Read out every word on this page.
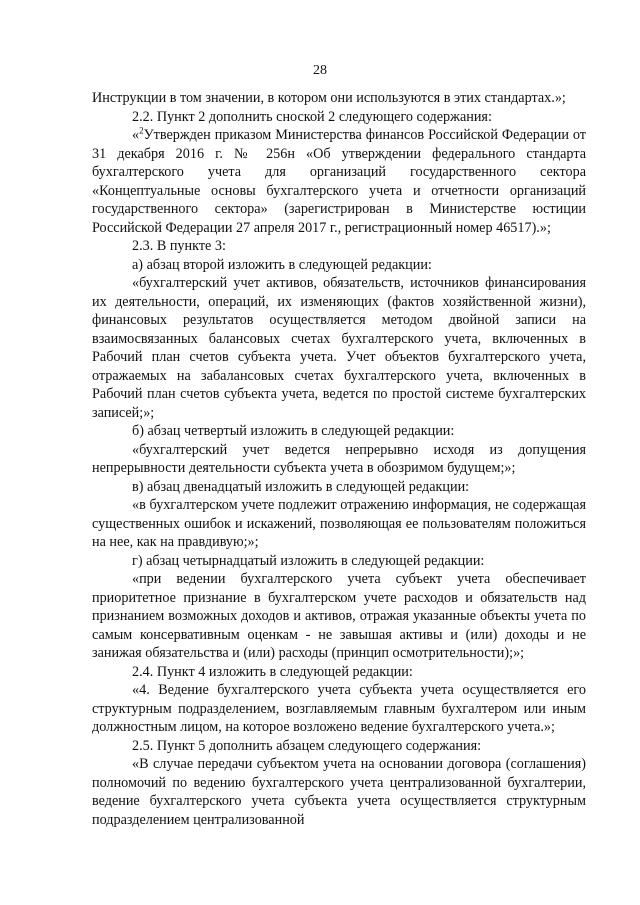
28

Инструкции в том значении, в котором они используются в этих стандартах.»;

2.2. Пункт 2 дополнить сноской 2 следующего содержания:

«$^2$Утвержден приказом Министерства финансов Российской Федерации от 31 декабря 2016 г. № 256н «Об утверждении федерального стандарта бухгалтерского учета для организаций государственного сектора «Концептуальные основы бухгалтерского учета и отчетности организаций государственного сектора» (зарегистрирован в Министерстве юстиции Российской Федерации 27 апреля 2017 г., регистрационный номер 46517).»;

2.3. В пункте 3:

а) абзац второй изложить в следующей редакции:

«бухгалтерский учет активов, обязательств, источников финансирования их деятельности, операций, их изменяющих (фактов хозяйственной жизни), финансовых результатов осуществляется методом двойной записи на взаимосвязанных балансовых счетах бухгалтерского учета, включенных в Рабочий план счетов субъекта учета. Учет объектов бухгалтерского учета, отражаемых на забалансовых счетах бухгалтерского учета, включенных в Рабочий план счетов субъекта учета, ведется по простой системе бухгалтерских записей;»;

б) абзац четвертый изложить в следующей редакции:

«бухгалтерский учет ведется непрерывно исходя из допущения непрерывности деятельности субъекта учета в обозримом будущем;»;

в) абзац двенадцатый изложить в следующей редакции:

«в бухгалтерском учете подлежит отражению информация, не содержащая существенных ошибок и искажений, позволяющая ее пользователям положиться на нее, как на правдивую;»;

г) абзац четырнадцатый изложить в следующей редакции:

«при ведении бухгалтерского учета субъект учета обеспечивает приоритетное признание в бухгалтерском учете расходов и обязательств над признанием возможных доходов и активов, отражая указанные объекты учета по самым консервативным оценкам - не завышая активы и (или) доходы и не занижая обязательства и (или) расходы (принцип осмотрительности);»;

2.4. Пункт 4 изложить в следующей редакции:

«4. Ведение бухгалтерского учета субъекта учета осуществляется его структурным подразделением, возглавляемым главным бухгалтером или иным должностным лицом, на которое возложено ведение бухгалтерского учета.»;

2.5. Пункт 5 дополнить абзацем следующего содержания:

«В случае передачи субъектом учета на основании договора (соглашения) полномочий по ведению бухгалтерского учета централизованной бухгалтерии, ведение бухгалтерского учета субъекта учета осуществляется структурным подразделением централизованной
